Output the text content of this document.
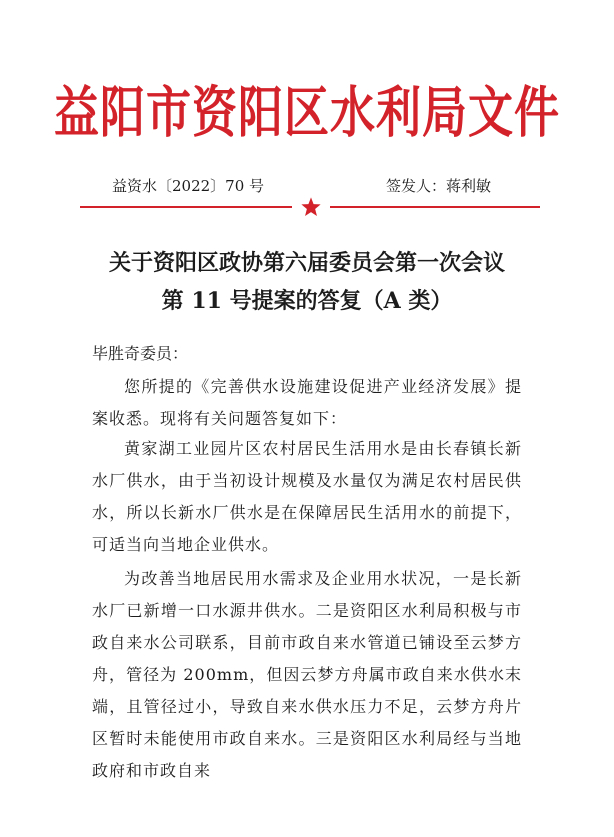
益阳市资阳区水利局文件
益资水〔2022〕70 号	签发人：蒋利敏
关于资阳区政协第六届委员会第一次会议
第 11 号提案的答复（A 类）
毕胜奇委员：
您所提的《完善供水设施建设促进产业经济发展》提案收悉。现将有关问题答复如下：
黄家湖工业园片区农村居民生活用水是由长春镇长新水厂供水，由于当初设计规模及水量仅为满足农村居民供水，所以长新水厂供水是在保障居民生活用水的前提下，可适当向当地企业供水。
为改善当地居民用水需求及企业用水状况，一是长新水厂已新增一口水源井供水。二是资阳区水利局积极与市政自来水公司联系，目前市政自来水管道已铺设至云梦方舟，管径为 200mm，但因云梦方舟属市政自来水供水末端，且管径过小，导致自来水供水压力不足，云梦方舟片区暂时未能使用市政自来水。三是资阳区水利局经与当地政府和市政自来
